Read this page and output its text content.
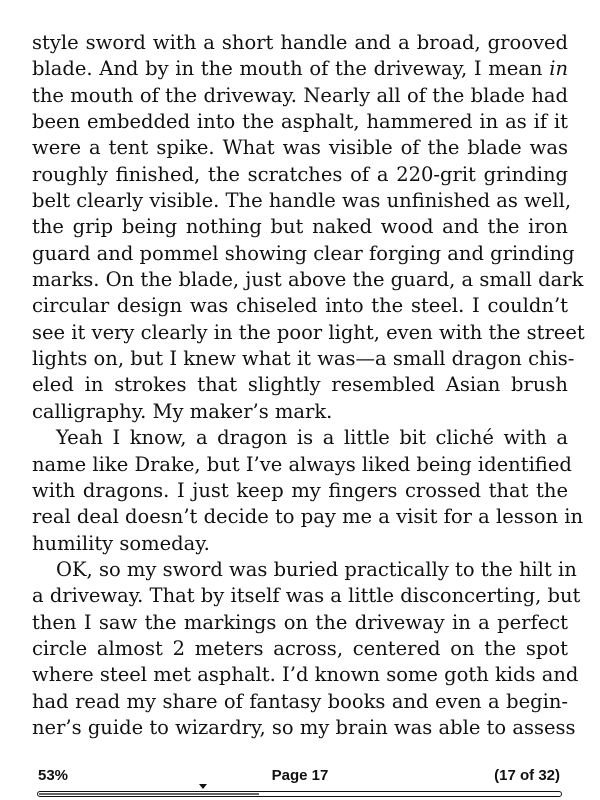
style sword with a short handle and a broad, grooved
blade. And by in the mouth of the driveway, I mean in
the mouth of the driveway. Nearly all of the blade had
been embedded into the asphalt, hammered in as if it
were a tent spike. What was visible of the blade was
roughly finished, the scratches of a 220-grit grinding
belt clearly visible. The handle was unfinished as well,
the grip being nothing but naked wood and the iron
guard and pommel showing clear forging and grinding
marks. On the blade, just above the guard, a small dark
circular design was chiseled into the steel. I couldn’t
see it very clearly in the poor light, even with the street
lights on, but I knew what it was—a small dragon chis-
eled in strokes that slightly resembled Asian brush
calligraphy. My maker’s mark.
Yeah I know, a dragon is a little bit cliché with a
name like Drake, but I’ve always liked being identified
with dragons. I just keep my fingers crossed that the
real deal doesn’t decide to pay me a visit for a lesson in
humility someday.
OK, so my sword was buried practically to the hilt in
a driveway. That by itself was a little disconcerting, but
then I saw the markings on the driveway in a perfect
circle almost 2 meters across, centered on the spot
where steel met asphalt. I’d known some goth kids and
had read my share of fantasy books and even a begin-
ner’s guide to wizardry, so my brain was able to assess
53%	Page 17	(17 of 32)
